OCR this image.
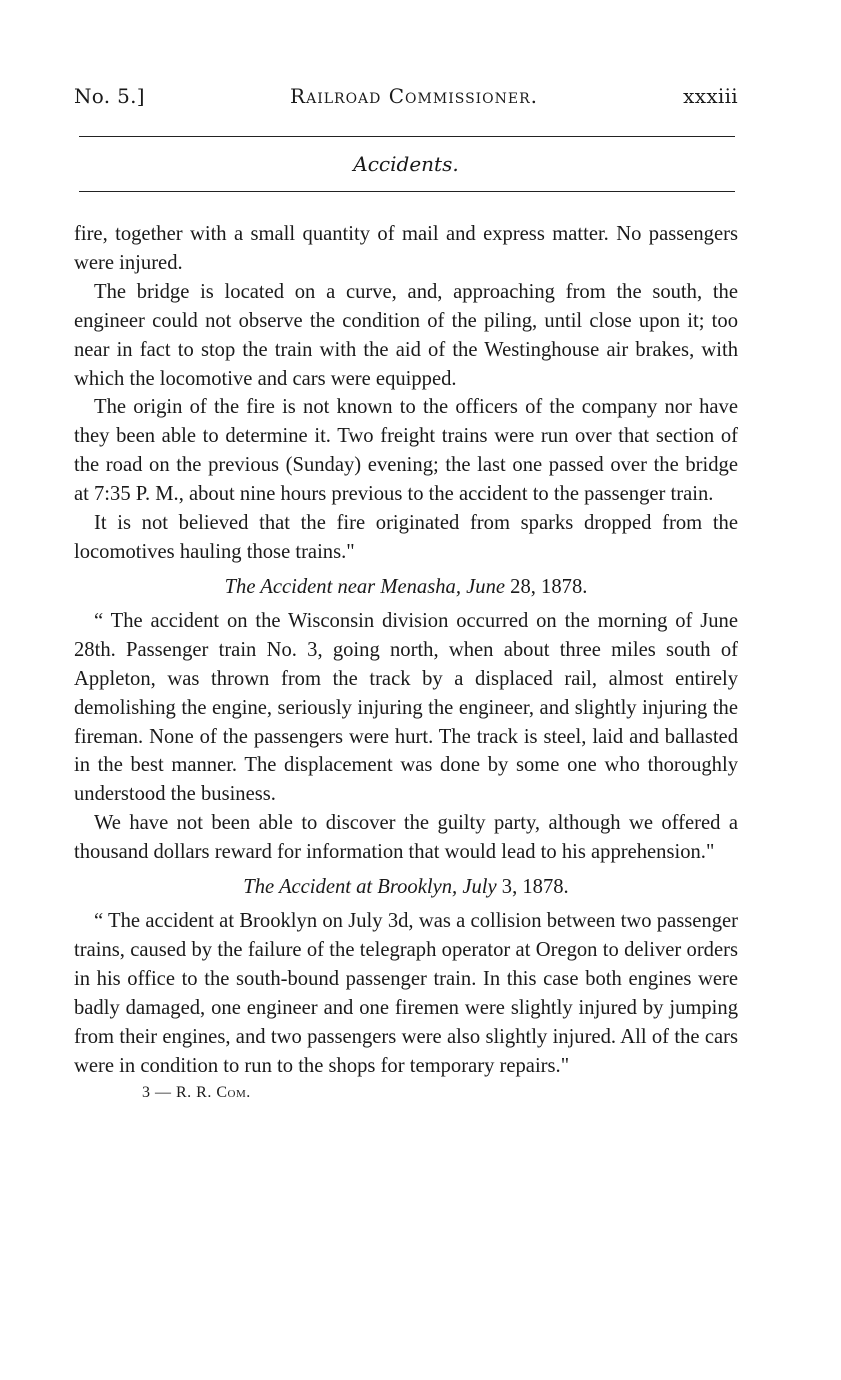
No. 5.]	Railroad Commissioner.	xxxiii
Accidents.

fire, together with a small quantity of mail and express matter. No passengers were injured.

The bridge is located on a curve, and, approaching from the south, the engineer could not observe the condition of the piling, until close upon it; too near in fact to stop the train with the aid of the Westinghouse air brakes, with which the locomotive and cars were equipped.

The origin of the fire is not known to the officers of the company nor have they been able to determine it. Two freight trains were run over that section of the road on the previous (Sunday) evening; the last one passed over the bridge at 7:35 P. M., about nine hours previous to the accident to the passenger train.

It is not believed that the fire originated from sparks dropped from the locomotives hauling those trains."

The Accident near Menasha, June 28, 1878.

“ The accident on the Wisconsin division occurred on the morning of June 28th. Passenger train No. 3, going north, when about three miles south of Appleton, was thrown from the track by a displaced rail, almost entirely demolishing the engine, seriously injuring the engineer, and slightly injuring the fireman. None of the passengers were hurt. The track is steel, laid and ballasted in the best manner. The displacement was done by some one who thoroughly understood the business.

We have not been able to discover the guilty party, although we offered a thousand dollars reward for information that would lead to his apprehension."

The Accident at Brooklyn, July 3, 1878.

“ The accident at Brooklyn on July 3d, was a collision between two passenger trains, caused by the failure of the telegraph operator at Oregon to deliver orders in his office to the south-bound passenger train. In this case both engines were badly damaged, one engineer and one firemen were slightly injured by jumping from their engines, and two passengers were also slightly injured. All of the cars were in condition to run to the shops for temporary repairs."

3 — R. R. Com.
